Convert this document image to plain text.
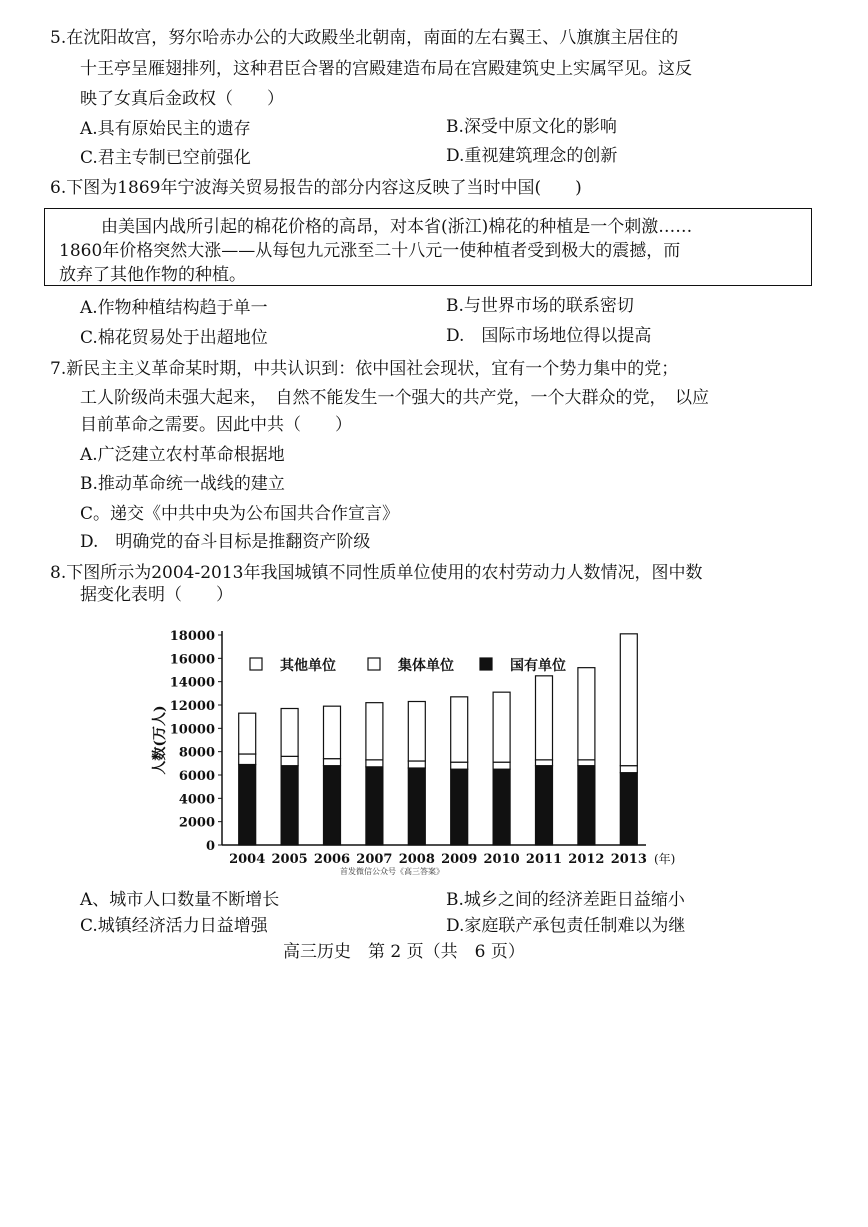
5.在沈阳故宫，努尔哈赤办公的大政殿坐北朝南，南面的左右翼王、八旗旗主居住的
十王亭呈雁翅排列，这种君臣合署的宫殿建造布局在宫殿建筑史上实属罕见。这反
映了女真后金政权（　　）
A.具有原始民主的遗存	B.深受中原文化的影响
C.君主专制已空前强化	D.重视建筑理念的创新
6.下图为1869年宁波海关贸易报告的部分内容这反映了当时中国(　　)
由美国内战所引起的棉花价格的高昂，对本省(浙江)棉花的种植是一个刺激……
1860年价格突然大涨——从每包九元涨至二十八元一使种植者受到极大的震撼，而
放弃了其他作物的种植。
A.作物种植结构趋于单一	B.与世界市场的联系密切
C.棉花贸易处于出超地位	D.　国际市场地位得以提高
7.新民主主义革命某时期，中共认识到：依中国社会现状，宜有一个势力集中的党；
工人阶级尚未强大起来，　自然不能发生一个强大的共产党，一个大群众的党，　以应
目前革命之需要。因此中共（　　）
A.广泛建立农村革命根据地
B.推动革命统一战线的建立
C。递交《中共中央为公布国共合作宣言》
D.　明确党的奋斗目标是推翻资产阶级
8.下图所示为2004-2013年我国城镇不同性质单位使用的农村劳动力人数情况，图中数
据变化表明（　　）
0
2000
4000
6000
8000
10000
12000
14000
16000
18000
人数(万人)
2004 2005 2006 2007 2008 2009 2010 2011 2012 2013 (年)
其他单位	集体单位	国有单位
首发微信公众号《高三答案》
A、城市人口数量不断增长	B.城乡之间的经济差距日益缩小
C.城镇经济活力日益增强	D.家庭联产承包责任制难以为继
高三历史　第 2 页（共　6 页）
